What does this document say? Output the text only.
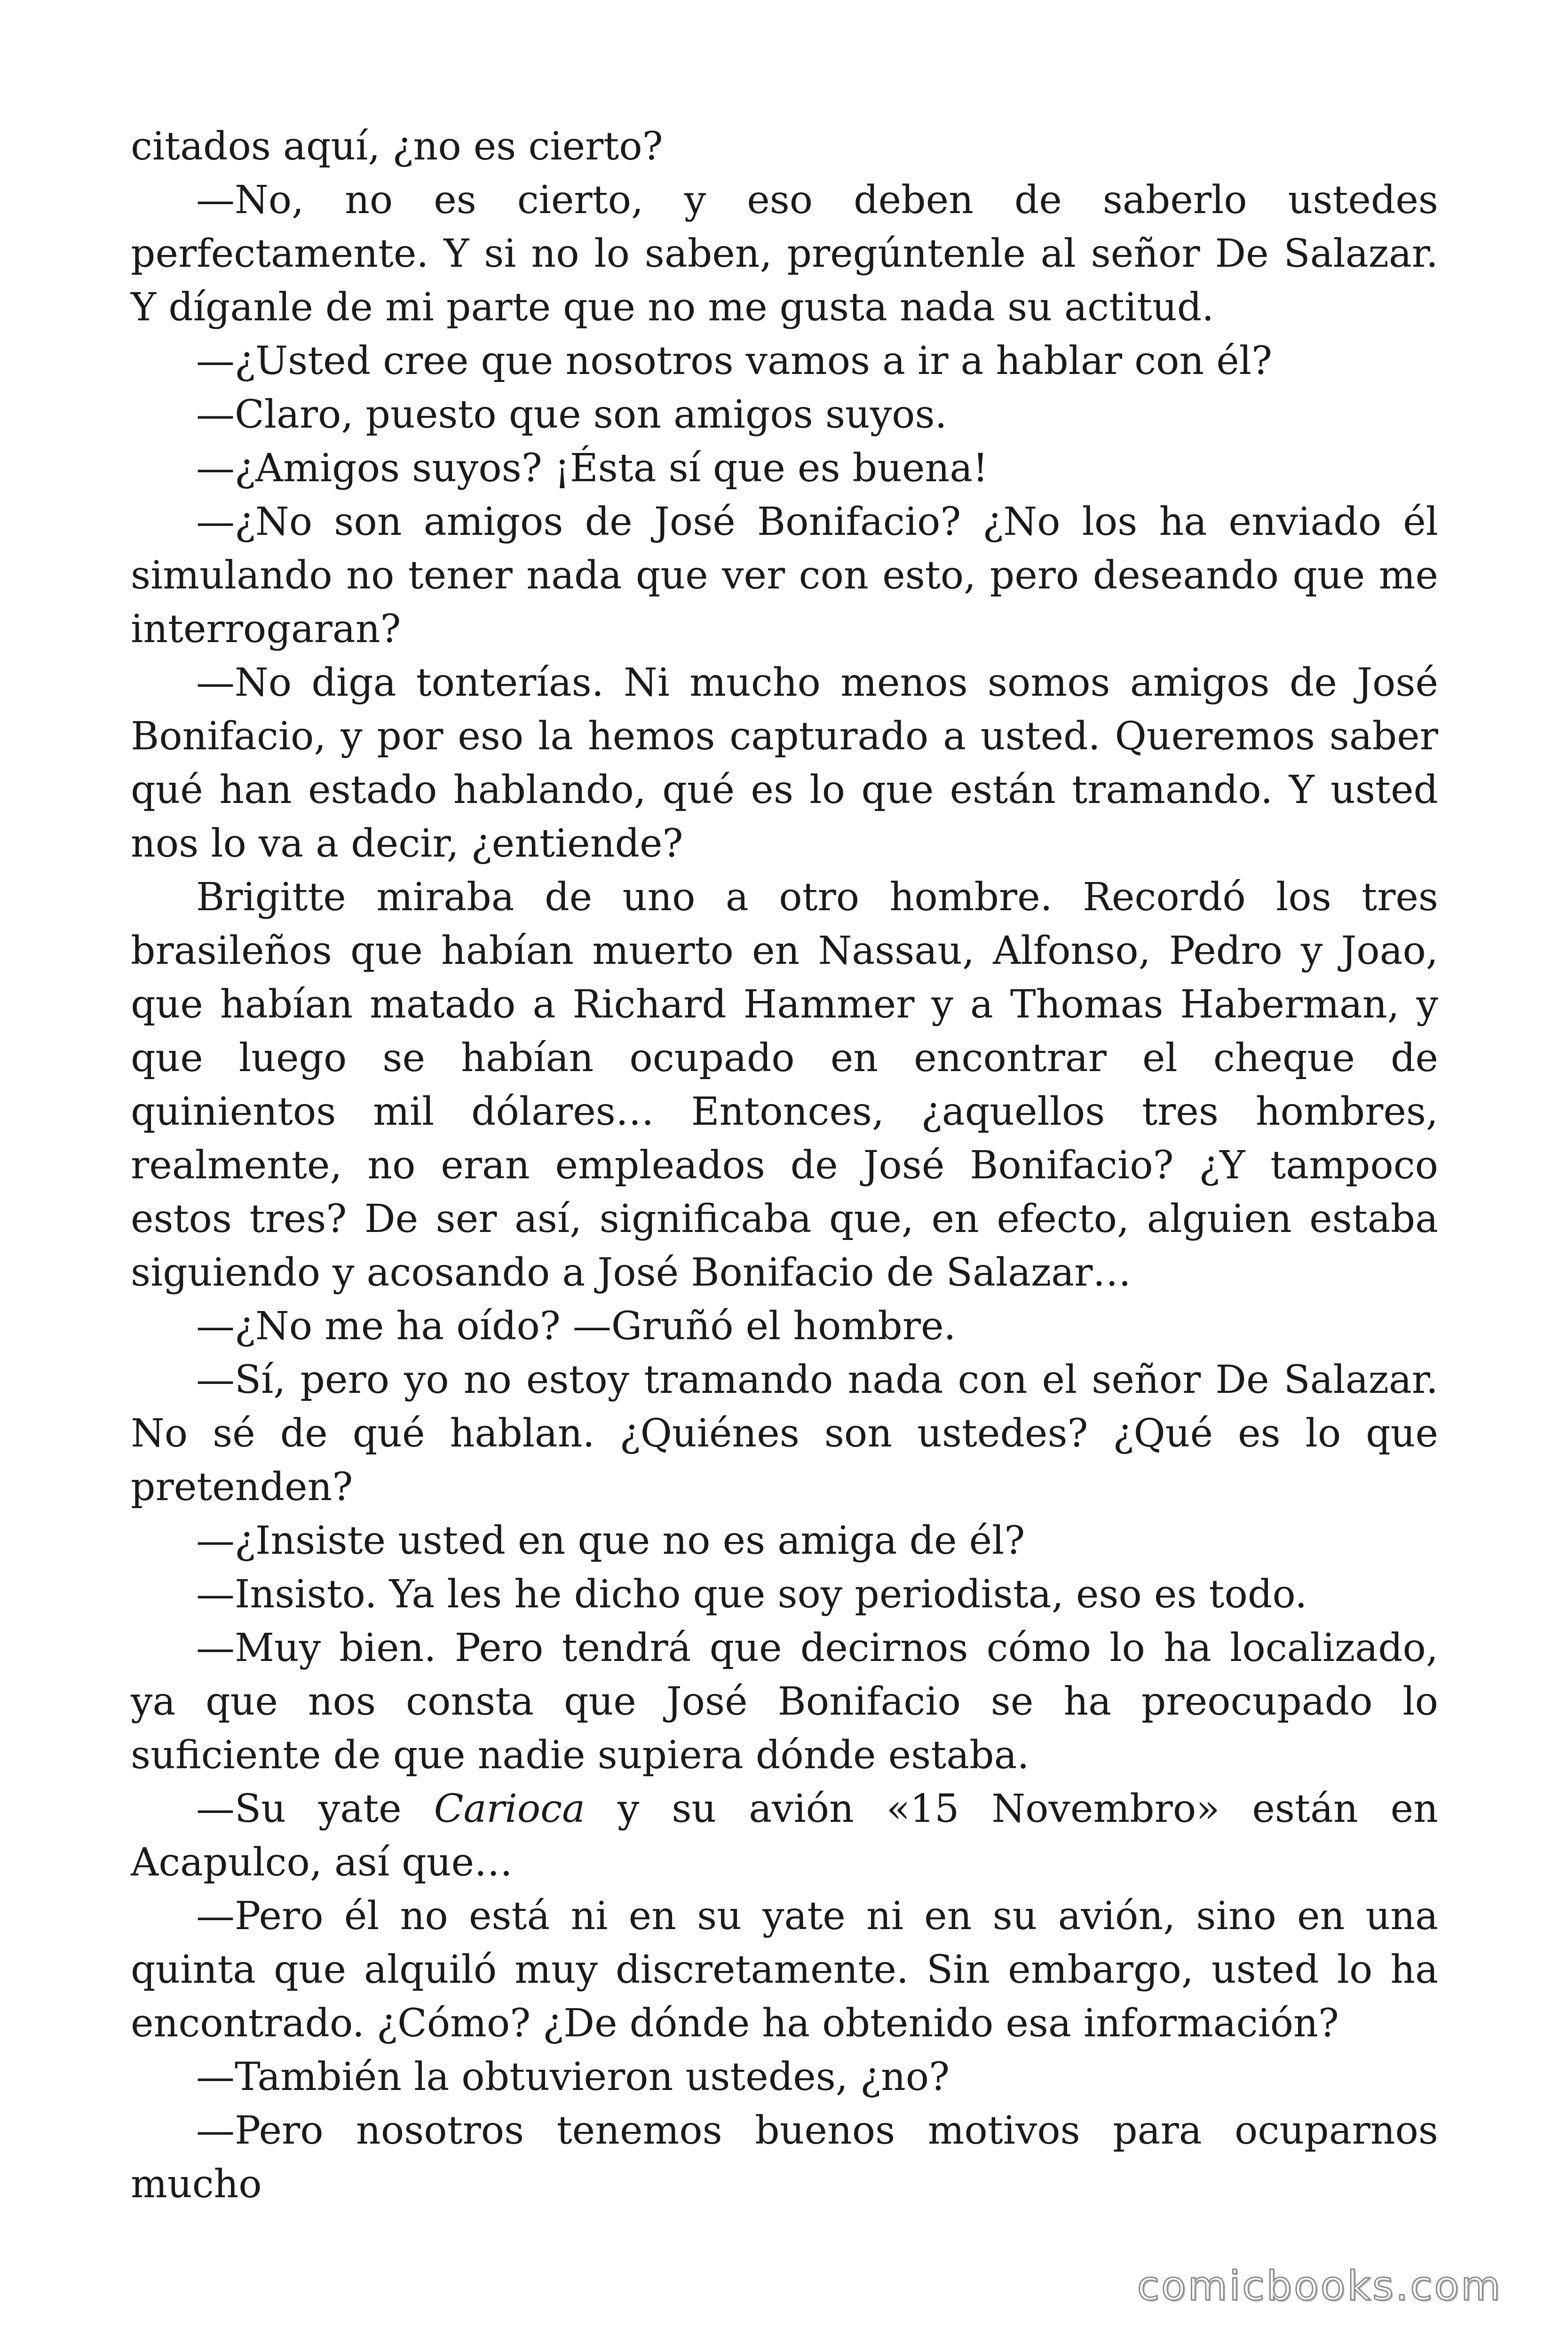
citados aquí, ¿no es cierto?

—No, no es cierto, y eso deben de saberlo ustedes perfectamente. Y si no lo saben, pregúntenle al señor De Salazar. Y díganle de mi parte que no me gusta nada su actitud.

—¿Usted cree que nosotros vamos a ir a hablar con él?

—Claro, puesto que son amigos suyos.

—¿Amigos suyos? ¡Ésta sí que es buena!

—¿No son amigos de José Bonifacio? ¿No los ha enviado él simulando no tener nada que ver con esto, pero deseando que me interrogaran?

—No diga tonterías. Ni mucho menos somos amigos de José Bonifacio, y por eso la hemos capturado a usted. Queremos saber qué han estado hablando, qué es lo que están tramando. Y usted nos lo va a decir, ¿entiende?

Brigitte miraba de uno a otro hombre. Recordó los tres brasileños que habían muerto en Nassau, Alfonso, Pedro y Joao, que habían matado a Richard Hammer y a Thomas Haberman, y que luego se habían ocupado en encontrar el cheque de quinientos mil dólares… Entonces, ¿aquellos tres hombres, realmente, no eran empleados de José Bonifacio? ¿Y tampoco estos tres? De ser así, significaba que, en efecto, alguien estaba siguiendo y acosando a José Bonifacio de Salazar…

—¿No me ha oído? —Gruñó el hombre.

—Sí, pero yo no estoy tramando nada con el señor De Salazar. No sé de qué hablan. ¿Quiénes son ustedes? ¿Qué es lo que pretenden?

—¿Insiste usted en que no es amiga de él?

—Insisto. Ya les he dicho que soy periodista, eso es todo.

—Muy bien. Pero tendrá que decirnos cómo lo ha localizado, ya que nos consta que José Bonifacio se ha preocupado lo suficiente de que nadie supiera dónde estaba.

—Su yate Carioca y su avión «15 Novembro» están en Acapulco, así que…

—Pero él no está ni en su yate ni en su avión, sino en una quinta que alquiló muy discretamente. Sin embargo, usted lo ha encontrado. ¿Cómo? ¿De dónde ha obtenido esa información?

—También la obtuvieron ustedes, ¿no?

—Pero nosotros tenemos buenos motivos para ocuparnos mucho

comicbooks.com
